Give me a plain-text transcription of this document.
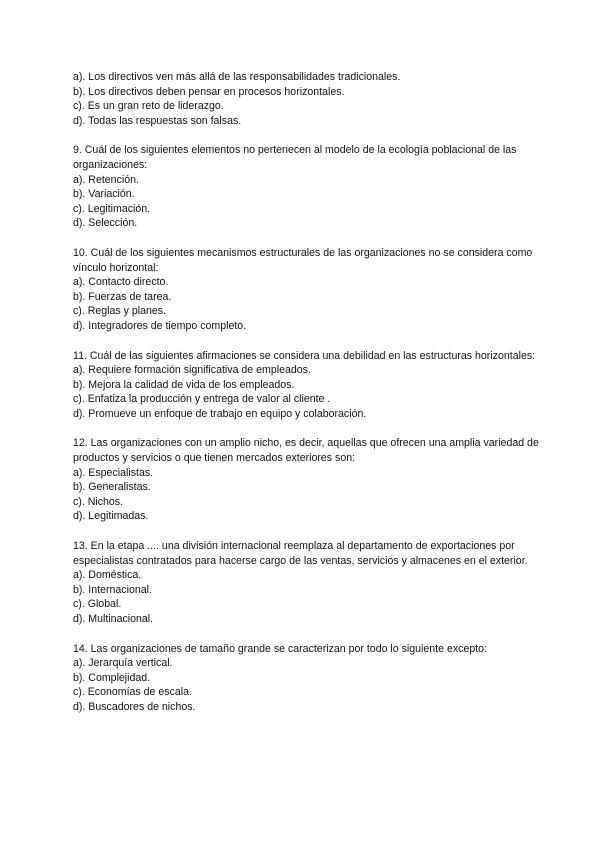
a). Los directivos ven más allá de las responsabilidades tradicionales.
b). Los directivos deben pensar en procesos horizontales.
c). Es un gran reto de liderazgo.
d). Todas las respuestas son falsas.
9. Cuál de los siguientes elementos no pertenecen al modelo de la ecología poblacional de las organizaciones:
a). Retención.
b). Variación.
c). Legitimación.
d). Selección.
10. Cuál de los siguientes mecanismos estructurales de las organizaciones no se considera como vínculo horizontal:
a). Contacto directo.
b). Fuerzas de tarea.
c). Reglas y planes.
d). Integradores de tiempo completo.
11. Cuál de las siguientes afirmaciones se considera una debilidad en las estructuras horizontales:
a). Requiere formación significativa de empleados.
b). Mejora la calidad de vida de los empleados.
c). Enfatiza la producción y entrega de valor al cliente .
d). Promueve un enfoque de trabajo en equipo y colaboración.
12. Las organizaciones con un amplio nicho, es decir, aquellas que ofrecen una amplia variedad de productos y servicios o que tienen mercados exteriores son:
a). Especialistas.
b). Generalistas.
c). Nichos.
d). Legitimadas.
13. En la etapa .... una división internacional reemplaza al departamento de exportaciones por especialistas contratados para hacerse cargo de las ventas, servicios y almacenes en el exterior.
a). Doméstica.
b). Internacional.
c). Global.
d). Multinacional.
14. Las organizaciones de tamaño grande se caracterizan por todo lo siguiente excepto:
a). Jerarquía vertical.
b). Complejidad.
c). Economías de escala.
d). Buscadores de nichos.
